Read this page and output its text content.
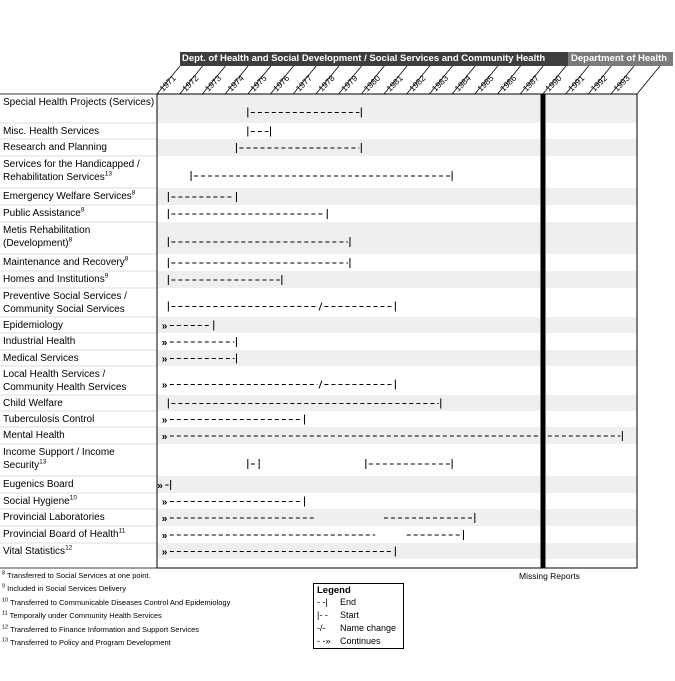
Dept. of Health and Social Development / Social Services and Community Health	Department of Health
1971 1972 1973 1974 1975 1976 1977 1978 1979 1980 1981 1982 1983 1984 1985 1986 1987 1990 1991 1992 1993
»
»
»
»
»
»
»
»
»
»
»
Special Health Projects (Services)
Misc. Health Services
Research and Planning
Services for the Handicapped / Rehabilitation Services$^{13}$
Emergency Welfare Services$^8$
Public Assistance$^8$
Metis Rehabilitation (Development)$^8$
Maintenance and Recovery$^8$
Homes and Institutions$^9$
Preventive Social Services / Community Social Services
Epidemiology
Industrial Health
Medical Services
Local Health Services / Community Health Services
Child Welfare
Tuberculosis Control
Mental Health
Income Support / Income Security$^{13}$
Eugenics Board
Social Hygiene$^{10}$
Provincial Laboratories
Provincial Board of Health$^{11}$
Vital Statistics$^{12}$
Missing Reports
$^8$ Transferred to Social Services at one point.
$^9$ Included in Social Services Delivery
$^{10}$ Transferred to Communicable Diseases Control And Epidemiology
$^{11}$ Temporally under Community Health Services
$^{12}$ Transferred to Finance Information and Support Services
$^{13}$ Transferred to Policy and Program Development
Legend
- -| End
|- - Start
-/- Name change
- -» Continues
